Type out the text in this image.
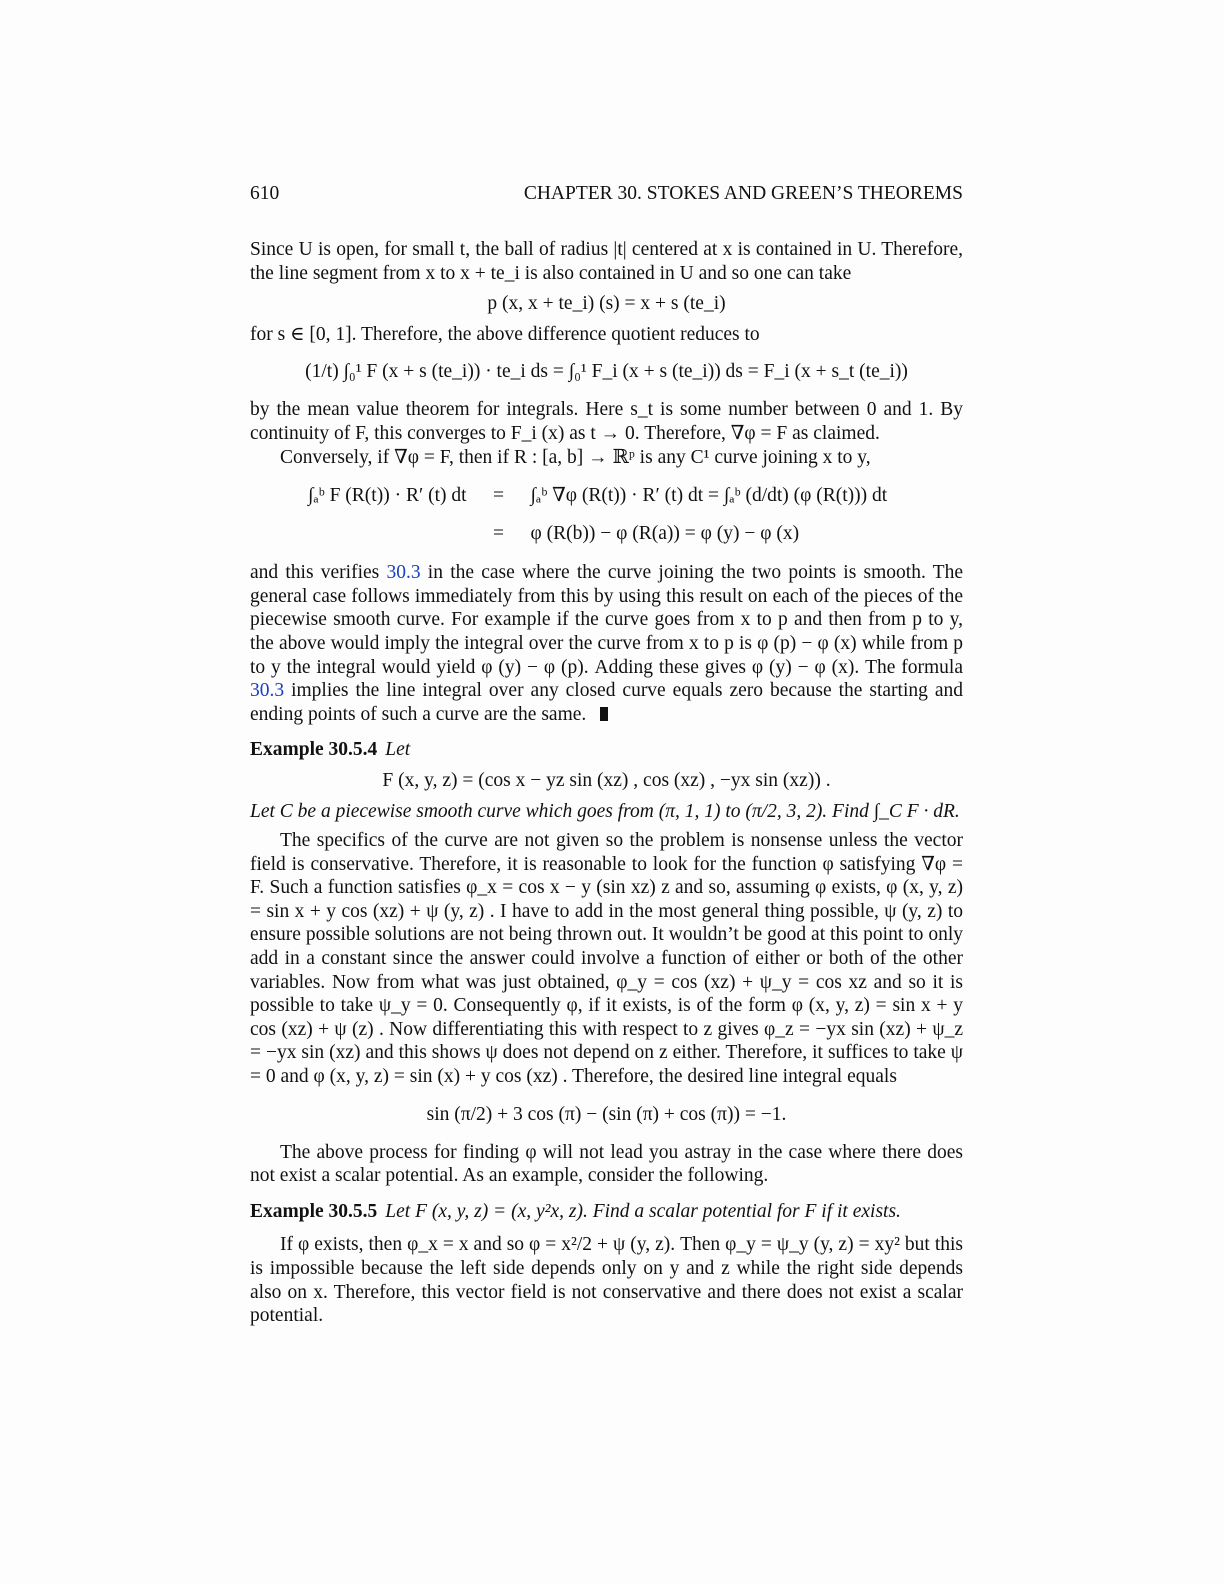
610	CHAPTER 30. STOKES AND GREEN’S THEOREMS

Since U is open, for small t, the ball of radius |t| centered at x is contained in U. Therefore, the line segment from x to x + te_i is also contained in U and so one can take

p (x, x + te_i) (s) = x + s (te_i)

for s ∈ [0, 1]. Therefore, the above difference quotient reduces to

(1/t) ∫₀¹ F (x + s (te_i)) · te_i ds = ∫₀¹ F_i (x + s (te_i)) ds = F_i (x + s_t (te_i))

by the mean value theorem for integrals. Here s_t is some number between 0 and 1. By continuity of F, this converges to F_i (x) as t → 0. Therefore, ∇φ = F as claimed.

Conversely, if ∇φ = F, then if R : [a, b] → ℝᵖ is any C¹ curve joining x to y,

∫ₐᵇ F (R(t)) · R′ (t) dt	=	∫ₐᵇ ∇φ (R(t)) · R′ (t) dt = ∫ₐᵇ (d/dt) (φ (R(t))) dt
	=	φ (R(b)) − φ (R(a)) = φ (y) − φ (x)

and this verifies 30.3 in the case where the curve joining the two points is smooth. The general case follows immediately from this by using this result on each of the pieces of the piecewise smooth curve. For example if the curve goes from x to p and then from p to y, the above would imply the integral over the curve from x to p is φ (p) − φ (x) while from p to y the integral would yield φ (y) − φ (p). Adding these gives φ (y) − φ (x). The formula 30.3 implies the line integral over any closed curve equals zero because the starting and ending points of such a curve are the same.

Example 30.5.4 Let

F (x, y, z) = (cos x − yz sin (xz) , cos (xz) , −yx sin (xz)) .

Let C be a piecewise smooth curve which goes from (π, 1, 1) to (π/2, 3, 2). Find ∫_C F · dR.

The specifics of the curve are not given so the problem is nonsense unless the vector field is conservative. Therefore, it is reasonable to look for the function φ satisfying ∇φ = F. Such a function satisfies φ_x = cos x − y (sin xz) z and so, assuming φ exists, φ (x, y, z) = sin x + y cos (xz) + ψ (y, z) . I have to add in the most general thing possible, ψ (y, z) to ensure possible solutions are not being thrown out. It wouldn’t be good at this point to only add in a constant since the answer could involve a function of either or both of the other variables. Now from what was just obtained, φ_y = cos (xz) + ψ_y = cos xz and so it is possible to take ψ_y = 0. Consequently φ, if it exists, is of the form φ (x, y, z) = sin x + y cos (xz) + ψ (z) . Now differentiating this with respect to z gives φ_z = −yx sin (xz) + ψ_z = −yx sin (xz) and this shows ψ does not depend on z either. Therefore, it suffices to take ψ = 0 and φ (x, y, z) = sin (x) + y cos (xz) . Therefore, the desired line integral equals

sin (π/2) + 3 cos (π) − (sin (π) + cos (π)) = −1.

The above process for finding φ will not lead you astray in the case where there does not exist a scalar potential. As an example, consider the following.

Example 30.5.5 Let F (x, y, z) = (x, y²x, z). Find a scalar potential for F if it exists.

If φ exists, then φ_x = x and so φ = x²/2 + ψ (y, z). Then φ_y = ψ_y (y, z) = xy² but this is impossible because the left side depends only on y and z while the right side depends also on x. Therefore, this vector field is not conservative and there does not exist a scalar potential.
